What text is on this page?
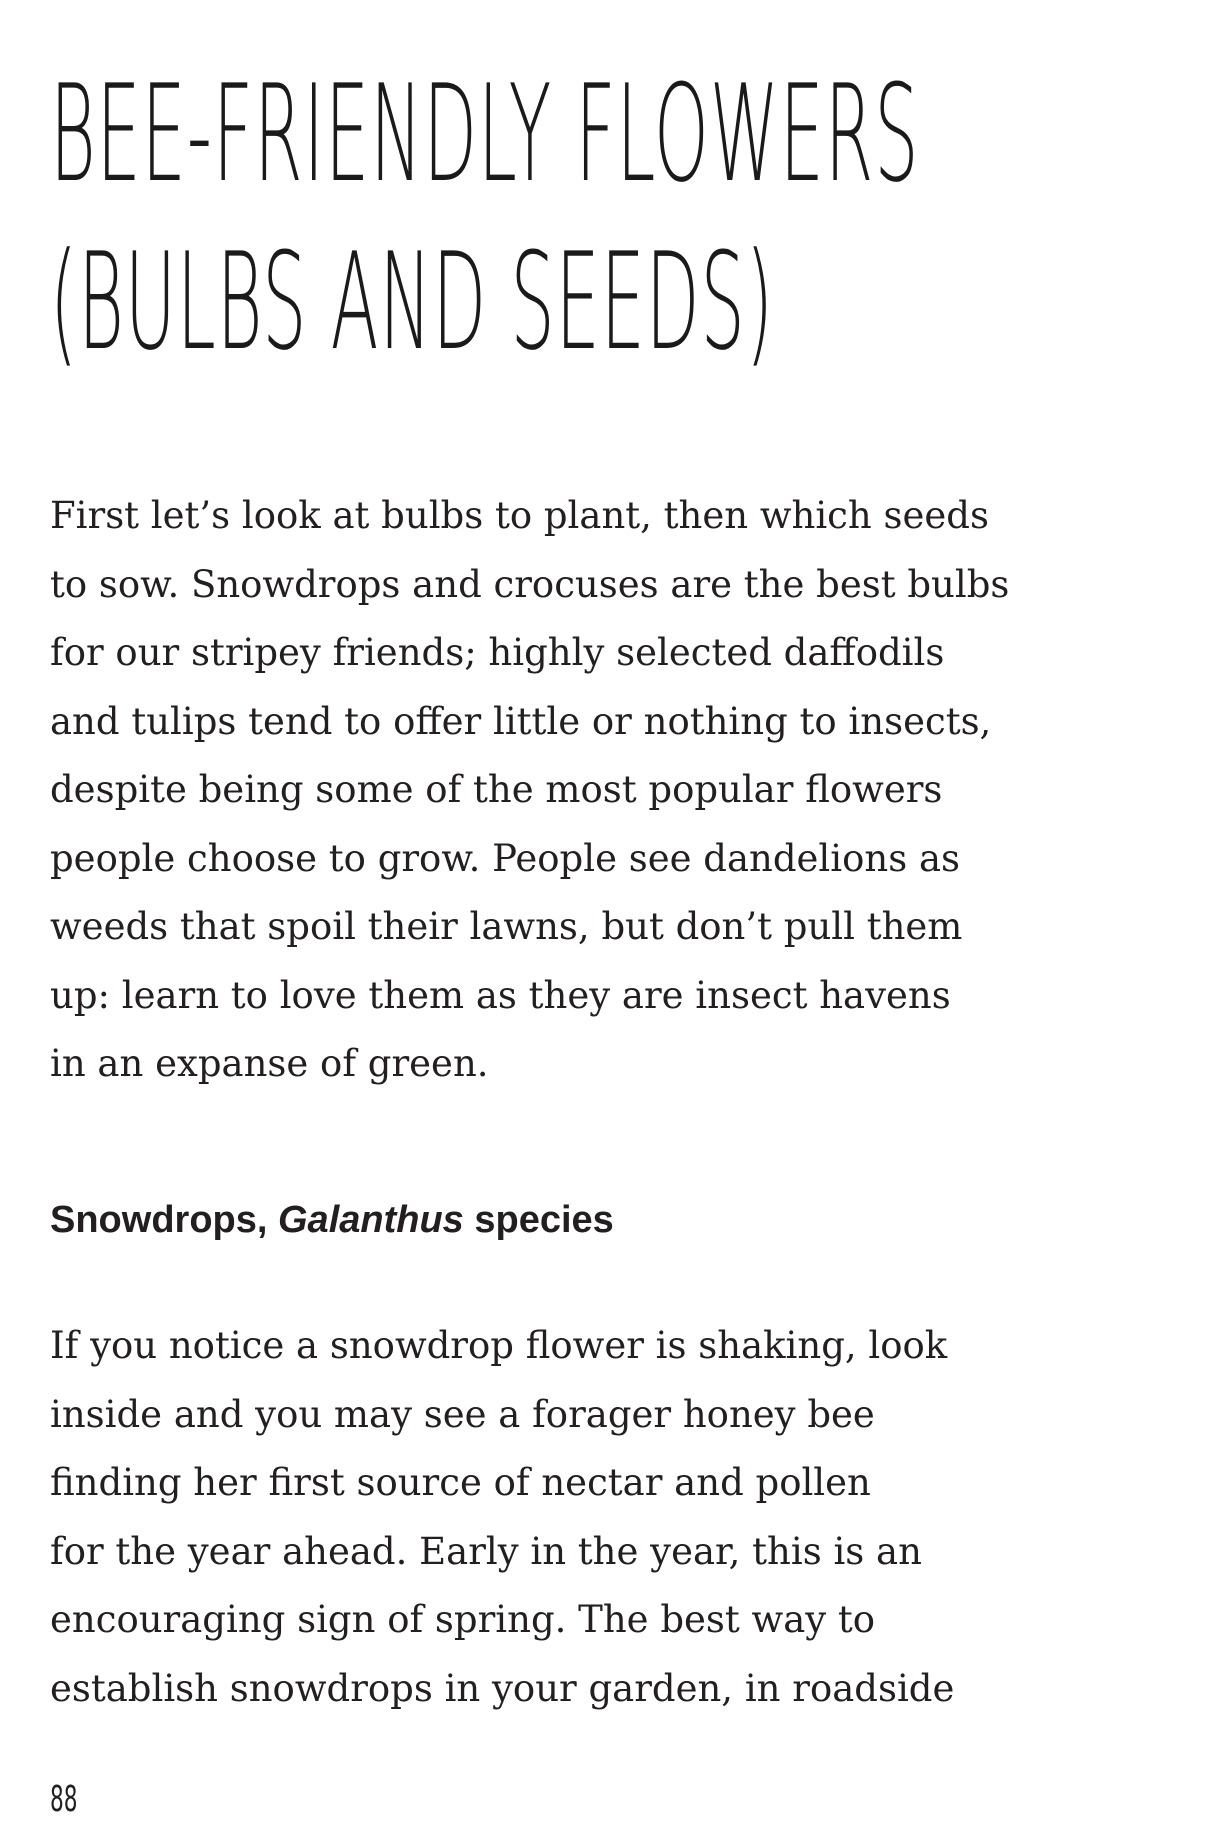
BEE-FRIENDLY FLOWERS
(BULBS AND SEEDS)

First let’s look at bulbs to plant, then which seeds
to sow. Snowdrops and crocuses are the best bulbs
for our stripey friends; highly selected daffodils
and tulips tend to offer little or nothing to insects,
despite being some of the most popular flowers
people choose to grow. People see dandelions as
weeds that spoil their lawns, but don’t pull them
up: learn to love them as they are insect havens
in an expanse of green.

Snowdrops, Galanthus species

If you notice a snowdrop flower is shaking, look
inside and you may see a forager honey bee
finding her first source of nectar and pollen
for the year ahead. Early in the year, this is an
encouraging sign of spring. The best way to
establish snowdrops in your garden, in roadside

88
